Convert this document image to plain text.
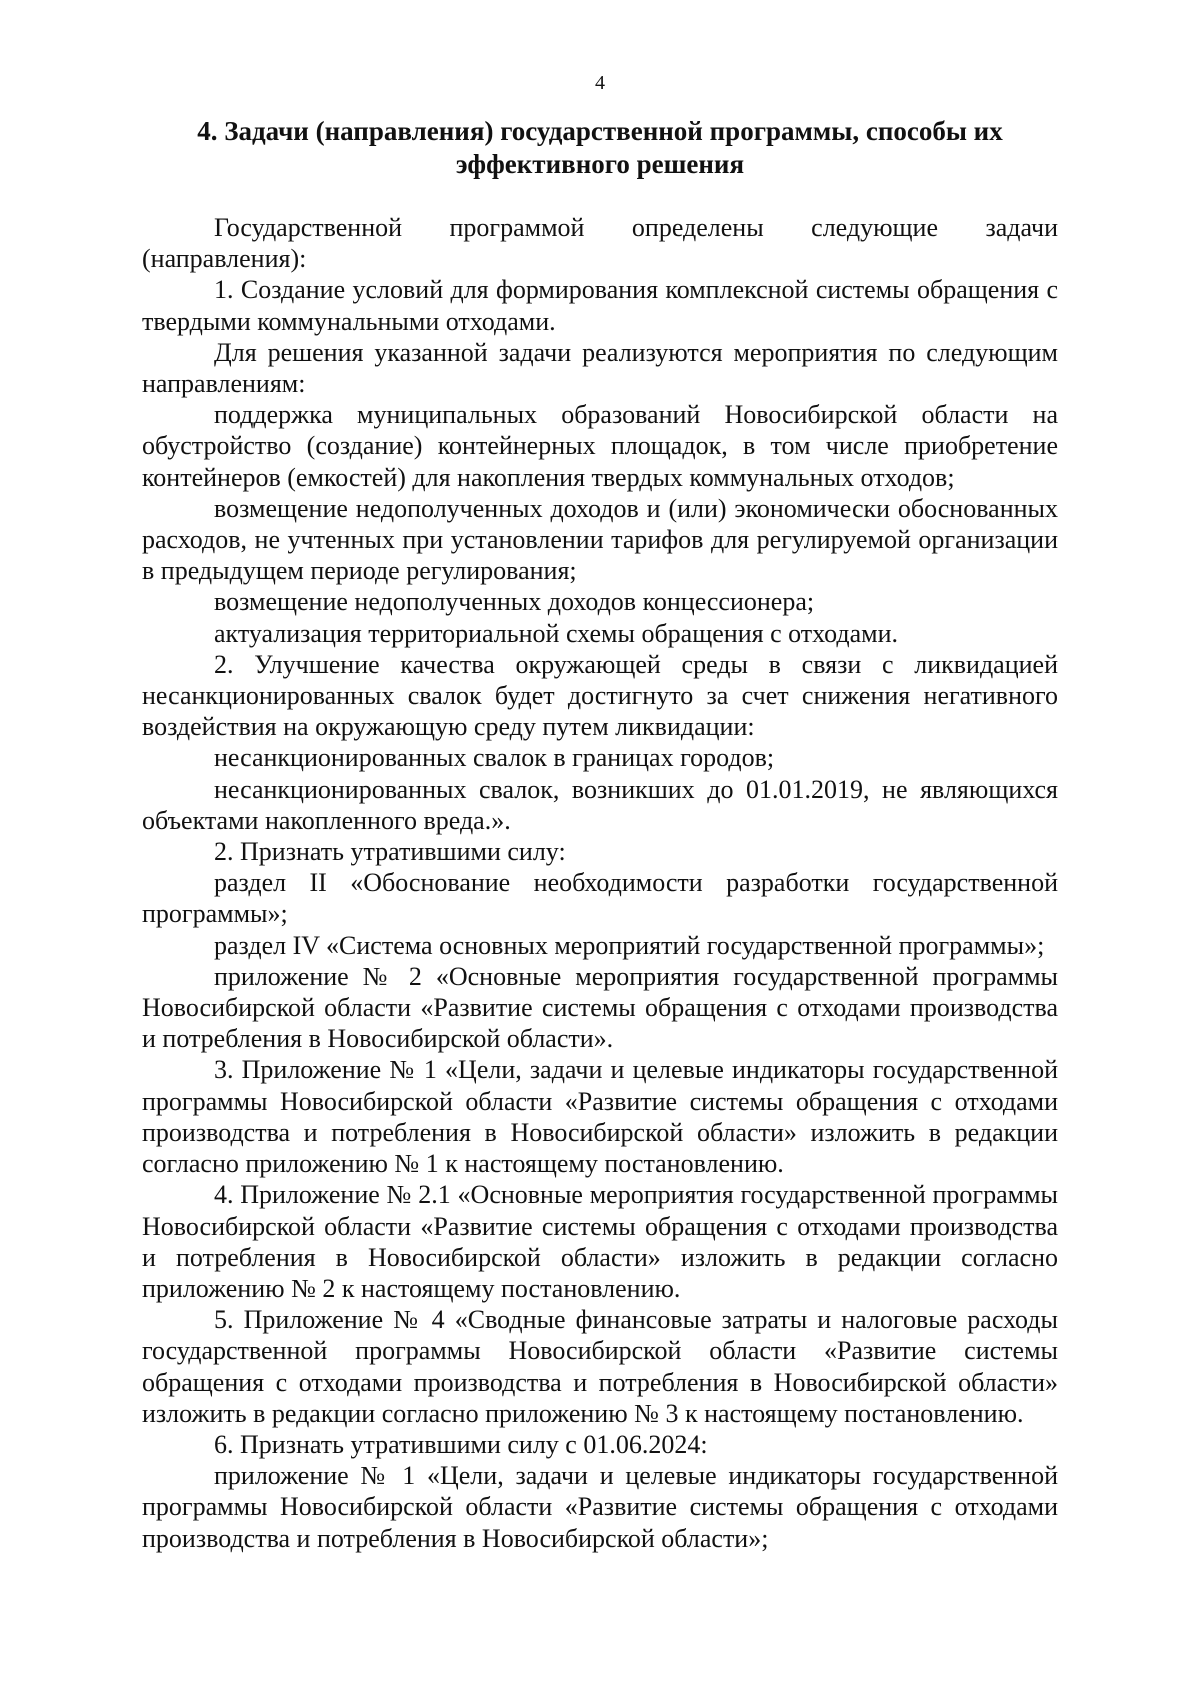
4
4. Задачи (направления) государственной программы, способы их
эффективного решения

Государственной программой определены следующие задачи (направления):

1. Создание условий для формирования комплексной системы обращения с твердыми коммунальными отходами.

Для решения указанной задачи реализуются мероприятия по следующим направлениям:

поддержка муниципальных образований Новосибирской области на обустройство (создание) контейнерных площадок, в том числе приобретение контейнеров (емкостей) для накопления твердых коммунальных отходов;

возмещение недополученных доходов и (или) экономически обоснованных расходов, не учтенных при установлении тарифов для регулируемой организации в предыдущем периоде регулирования;

возмещение недополученных доходов концессионера;

актуализация территориальной схемы обращения с отходами.

2. Улучшение качества окружающей среды в связи с ликвидацией несанкционированных свалок будет достигнуто за счет снижения негативного воздействия на окружающую среду путем ликвидации:

несанкционированных свалок в границах городов;

несанкционированных свалок, возникших до 01.01.2019, не являющихся объектами накопленного вреда.».

2. Признать утратившими силу:

раздел II «Обоснование необходимости разработки государственной программы»;

раздел IV «Система основных мероприятий государственной программы»;

приложение № 2 «Основные мероприятия государственной программы Новосибирской области «Развитие системы обращения с отходами производства и потребления в Новосибирской области».

3. Приложение № 1 «Цели, задачи и целевые индикаторы государственной программы Новосибирской области «Развитие системы обращения с отходами производства и потребления в Новосибирской области» изложить в редакции согласно приложению № 1 к настоящему постановлению.

4. Приложение № 2.1 «Основные мероприятия государственной программы Новосибирской области «Развитие системы обращения с отходами производства и потребления в Новосибирской области» изложить в редакции согласно приложению № 2 к настоящему постановлению.

5. Приложение № 4 «Сводные финансовые затраты и налоговые расходы государственной программы Новосибирской области «Развитие системы обращения с отходами производства и потребления в Новосибирской области» изложить в редакции согласно приложению № 3 к настоящему постановлению.

6. Признать утратившими силу с 01.06.2024:

приложение № 1 «Цели, задачи и целевые индикаторы государственной программы Новосибирской области «Развитие системы обращения с отходами производства и потребления в Новосибирской области»;
